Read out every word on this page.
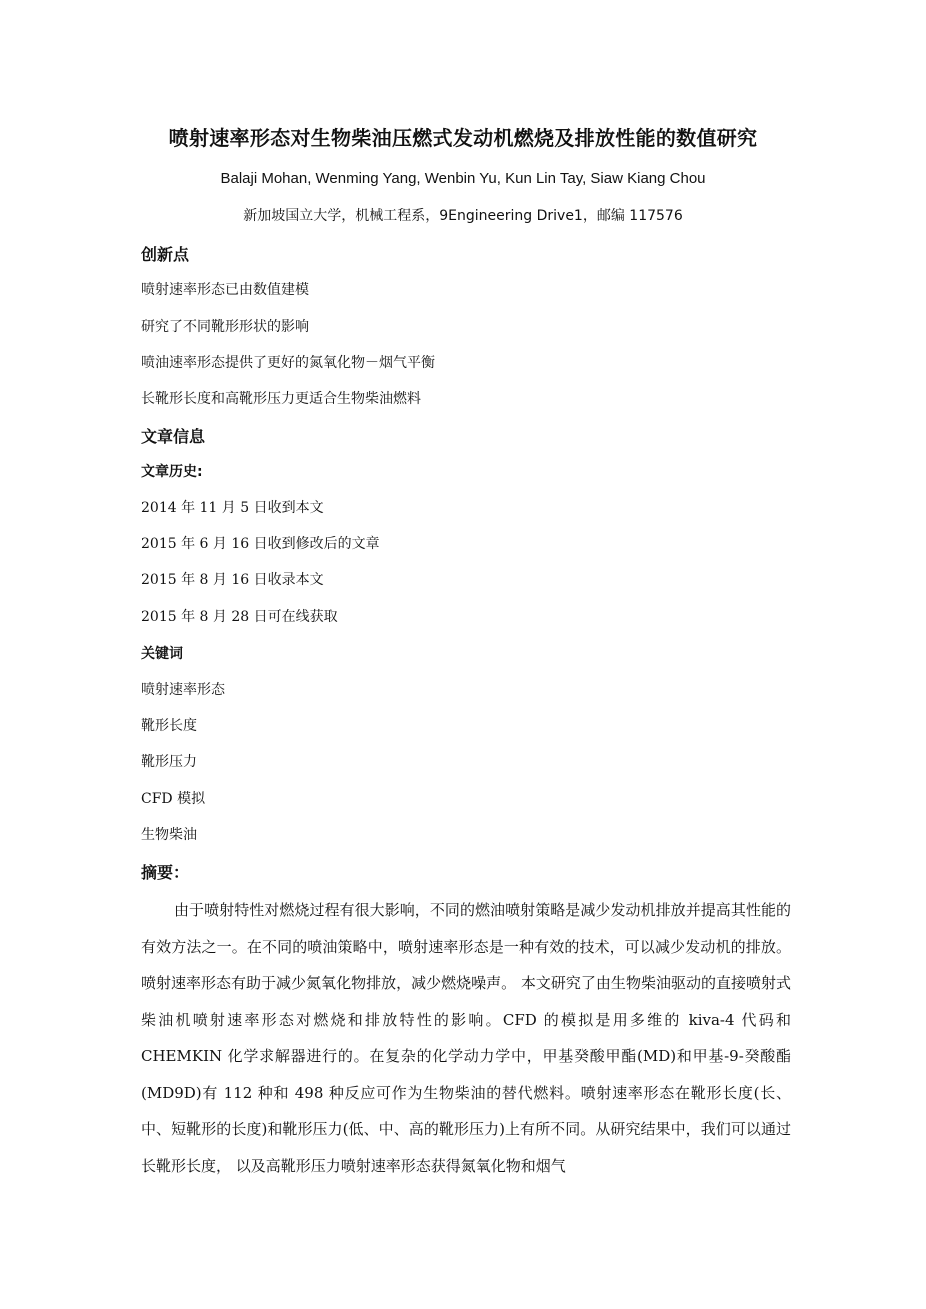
喷射速率形态对生物柴油压燃式发动机燃烧及排放性能的数值研究
Balaji Mohan, Wenming Yang, Wenbin Yu, Kun Lin Tay, Siaw Kiang Chou
新加坡国立大学，机械工程系，9Engineering Drive1，邮编 117576
创新点
喷射速率形态已由数值建模
研究了不同靴形形状的影响
喷油速率形态提供了更好的氮氧化物－烟气平衡
长靴形长度和高靴形压力更适合生物柴油燃料
文章信息
文章历史:
2014 年 11 月 5 日收到本文
2015 年 6 月 16 日收到修改后的文章
2015 年 8 月 16 日收录本文
2015 年 8 月 28 日可在线获取
关键词
喷射速率形态
靴形长度
靴形压力
CFD 模拟
生物柴油
摘要：
由于喷射特性对燃烧过程有很大影响，不同的燃油喷射策略是减少发动机排放并提高其性能的有效方法之一。在不同的喷油策略中，喷射速率形态是一种有效的技术，可以减少发动机的排放。喷射速率形态有助于减少氮氧化物排放，减少燃烧噪声。 本文研究了由生物柴油驱动的直接喷射式柴油机喷射速率形态对燃烧和排放特性的影响。CFD 的模拟是用多维的 kiva-4 代码和 CHEMKIN 化学求解器进行的。在复杂的化学动力学中，甲基癸酸甲酯(MD)和甲基-9-癸酸酯(MD9D)有 112 种和 498 种反应可作为生物柴油的替代燃料。喷射速率形态在靴形长度(长、中、短靴形的长度)和靴形压力(低、中、高的靴形压力)上有所不同。从研究结果中，我们可以通过长靴形长度， 以及高靴形压力喷射速率形态获得氮氧化物和烟气
